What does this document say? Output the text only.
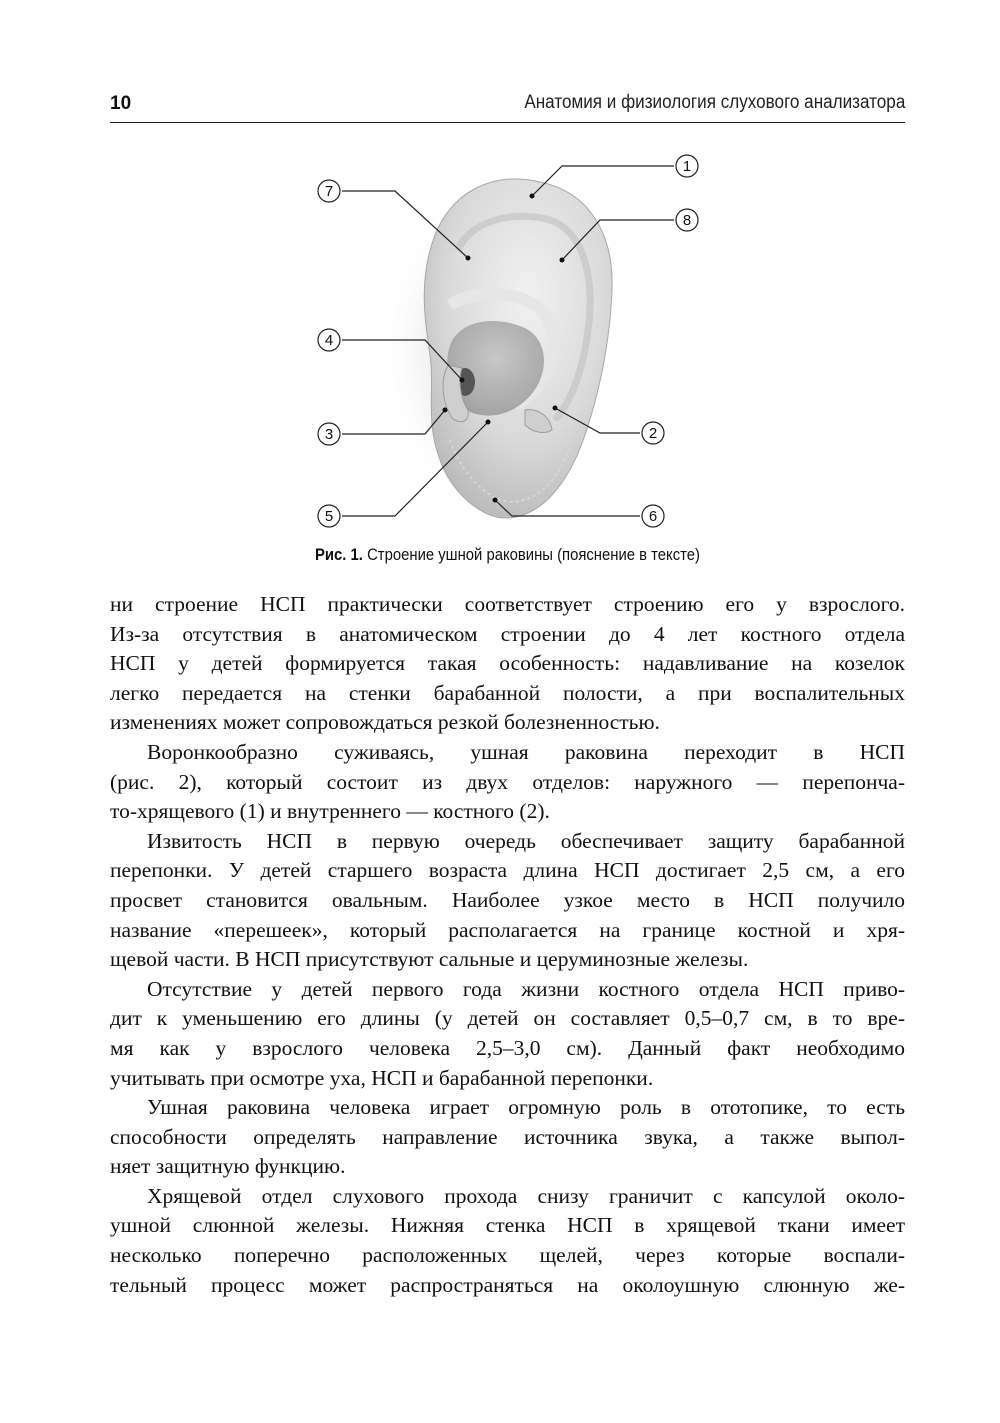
10	Анатомия и физиология слухового анализатора
1
2
3
4
5	6
7
8
Рис. 1. Строение ушной раковины (пояснение в тексте)
ни строение НСП практически соответствует строению его у взрослого.
Из-за отсутствия в анатомическом строении до 4 лет костного отдела
НСП у детей формируется такая особенность: надавливание на козелок
легко передается на стенки барабанной полости, а при воспалительных
изменениях может сопровождаться резкой болезненностью.
Воронкообразно суживаясь, ушная раковина переходит в НСП
(рис. 2), который состоит из двух отделов: наружного — перепонча-
то-хрящевого (1) и внутреннего — костного (2).
Извитость НСП в первую очередь обеспечивает защиту барабанной
перепонки. У детей старшего возраста длина НСП достигает 2,5 см, а его
просвет становится овальным. Наиболее узкое место в НСП получило
название «перешеек», который располагается на границе костной и хря-
щевой части. В НСП присутствуют сальные и церуминозные железы.
Отсутствие у детей первого года жизни костного отдела НСП приво-
дит к уменьшению его длины (у детей он составляет 0,5–0,7 см, в то вре-
мя как у взрослого человека 2,5–3,0 см). Данный факт необходимо
учитывать при осмотре уха, НСП и барабанной перепонки.
Ушная раковина человека играет огромную роль в ототопике, то есть
способности определять направление источника звука, а также выпол-
няет защитную функцию.
Хрящевой отдел слухового прохода снизу граничит с капсулой около-
ушной слюнной железы. Нижняя стенка НСП в хрящевой ткани имеет
несколько поперечно расположенных щелей, через которые воспали-
тельный процесс может распространяться на околоушную слюнную же-
